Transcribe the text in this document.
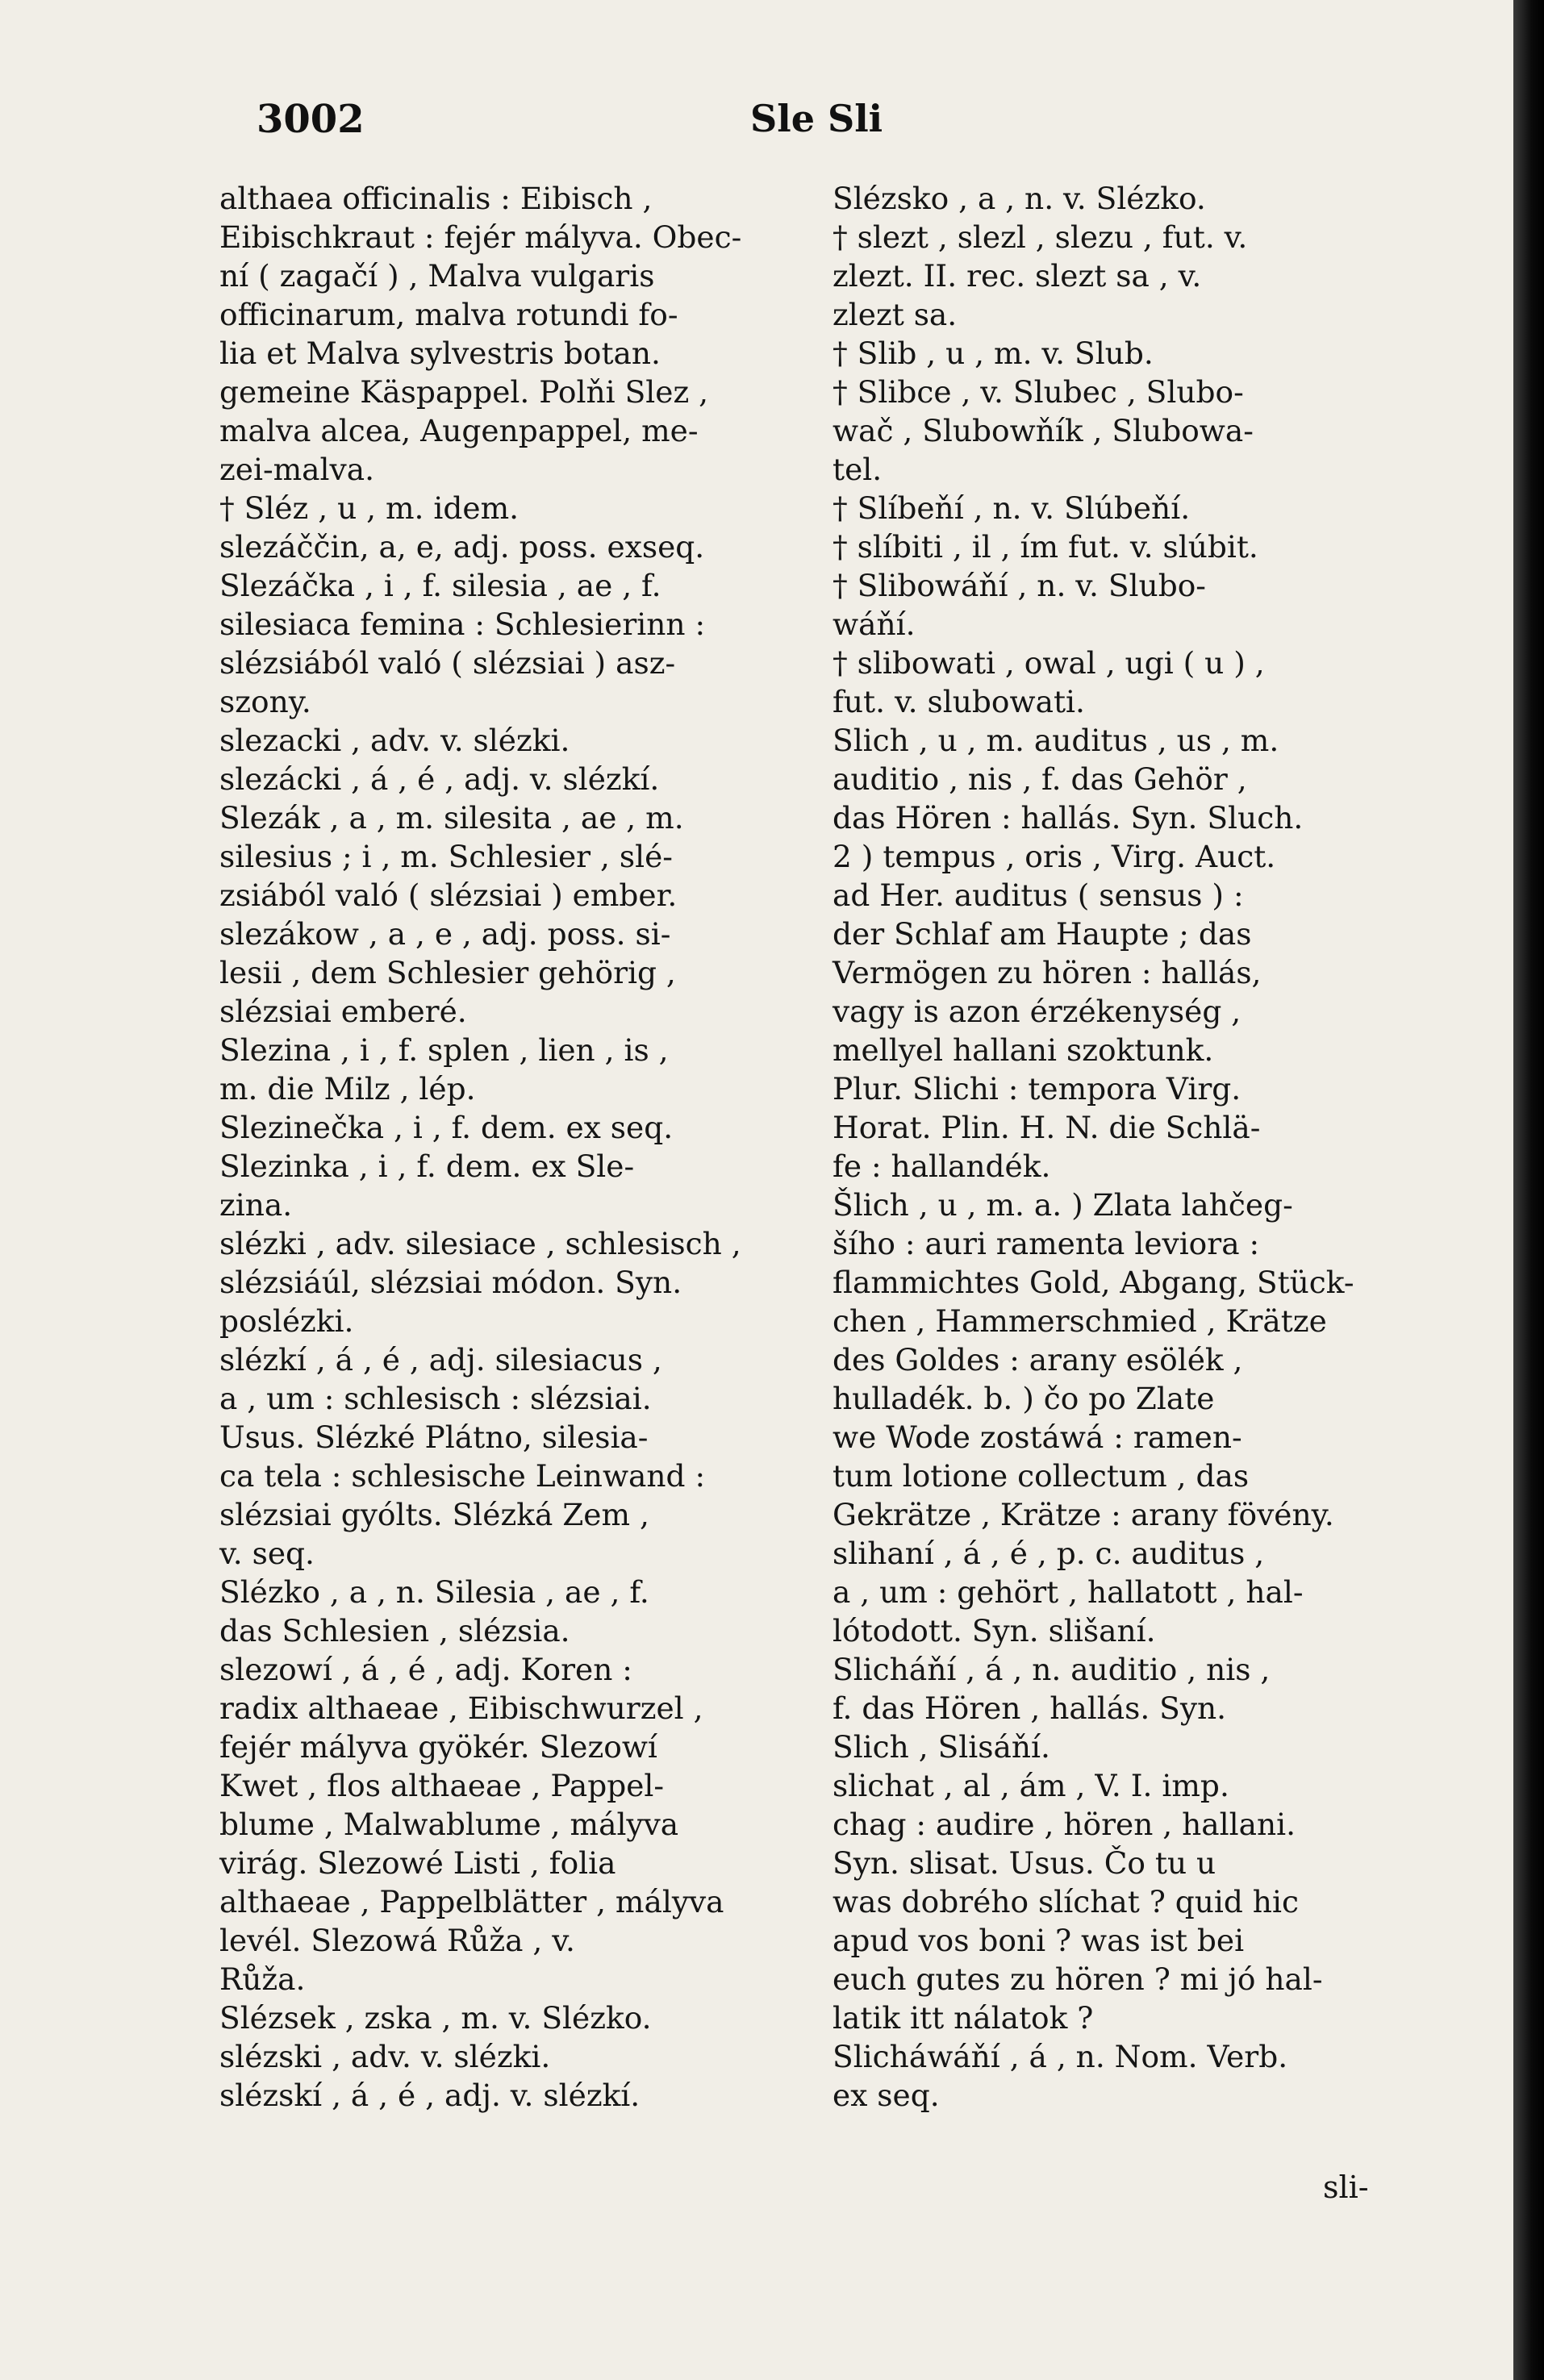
3002	Sle Sli
althaea officinalis : Eibisch ,
Eibischkraut : fejér mályva. Obec-
ní ( zagačí ) , Malva vulgaris
officinarum, malva rotundi fo-
lia et Malva sylvestris botan.
gemeine Käspappel. Polňi Slez ,
malva alcea, Augenpappel, me-
zei-malva.
† Sléz , u , m. idem.
slezáččin, a, e, adj. poss. exseq.
Slezáčka , i , f. silesia , ae , f.
silesiaca femina : Schlesierinn :
slézsiából való ( slézsiai ) asz-
szony.
slezacki , adv. v. slézki.
slezácki , á , é , adj. v. slézkí.
Slezák , a , m. silesita , ae , m.
silesius ; i , m. Schlesier , slé-
zsiából való ( slézsiai ) ember.
slezákow , a , e , adj. poss. si-
lesii , dem Schlesier gehörig ,
slézsiai emberé.
Slezina , i , f. splen , lien , is ,
m. die Milz , lép.
Slezinečka , i , f. dem. ex seq.
Slezinka , i , f. dem. ex Sle-
zina.
slézki , adv. silesiace , schlesisch ,
slézsiáúl, slézsiai módon. Syn.
poslézki.
slézkí , á , é , adj. silesiacus ,
a , um : schlesisch : slézsiai.
Usus. Slézké Plátno, silesia-
ca tela : schlesische Leinwand :
slézsiai gyólts. Slézká Zem ,
v. seq.
Slézko , a , n. Silesia , ae , f.
das Schlesien , slézsia.
slezowí , á , é , adj. Koren :
radix althaeae , Eibischwurzel ,
fejér mályva gyökér. Slezowí
Kwet , flos althaeae , Pappel-
blume , Malwablume , mályva
virág. Slezowé Listi , folia
althaeae , Pappelblätter , mályva
levél. Slezowá Růža , v.
Růža.
Slézsek , zska , m. v. Slézko.
slézski , adv. v. slézki.
slézskí , á , é , adj. v. slézkí.
Slézsko , a , n. v. Slézko.
† slezt , slezl , slezu , fut. v.
zlezt. II. rec. slezt sa , v.
zlezt sa.
† Slib , u , m. v. Slub.
† Slibce , v. Slubec , Slubo-
wač , Slubowňík , Slubowa-
tel.
† Slíbeňí , n. v. Slúbeňí.
† slíbiti , il , ím fut. v. slúbit.
† Slibowáňí , n. v. Slubo-
wáňí.
† slibowati , owal , ugi ( u ) ,
fut. v. slubowati.
Slich , u , m. auditus , us , m.
auditio , nis , f. das Gehör ,
das Hören : hallás. Syn. Sluch.
2 ) tempus , oris , Virg. Auct.
ad Her. auditus ( sensus ) :
der Schlaf am Haupte ; das
Vermögen zu hören : hallás,
vagy is azon érzékenység ,
mellyel hallani szoktunk.
Plur. Slichi : tempora Virg.
Horat. Plin. H. N. die Schlä-
fe : hallandék.
Šlich , u , m. a. ) Zlata lahčeg-
šího : auri ramenta leviora :
flammichtes Gold, Abgang, Stück-
chen , Hammerschmied , Krätze
des Goldes : arany esölék ,
hulladék. b. ) čo po Zlate
we Wode zostáwá : ramen-
tum lotione collectum , das
Gekrätze , Krätze : arany fövény.
slihaní , á , é , p. c. auditus ,
a , um : gehört , hallatott , hal-
lótodott. Syn. slišaní.
Slicháňí , á , n. auditio , nis ,
f. das Hören , hallás. Syn.
Slich , Slisáňí.
slichat , al , ám , V. I. imp.
chag : audire , hören , hallani.
Syn. slisat. Usus. Čo tu u
was dobrého slíchat ? quid hic
apud vos boni ? was ist bei
euch gutes zu hören ? mi jó hal-
latik itt nálatok ?
Slicháwáňí , á , n. Nom. Verb.
ex seq.
sli-
